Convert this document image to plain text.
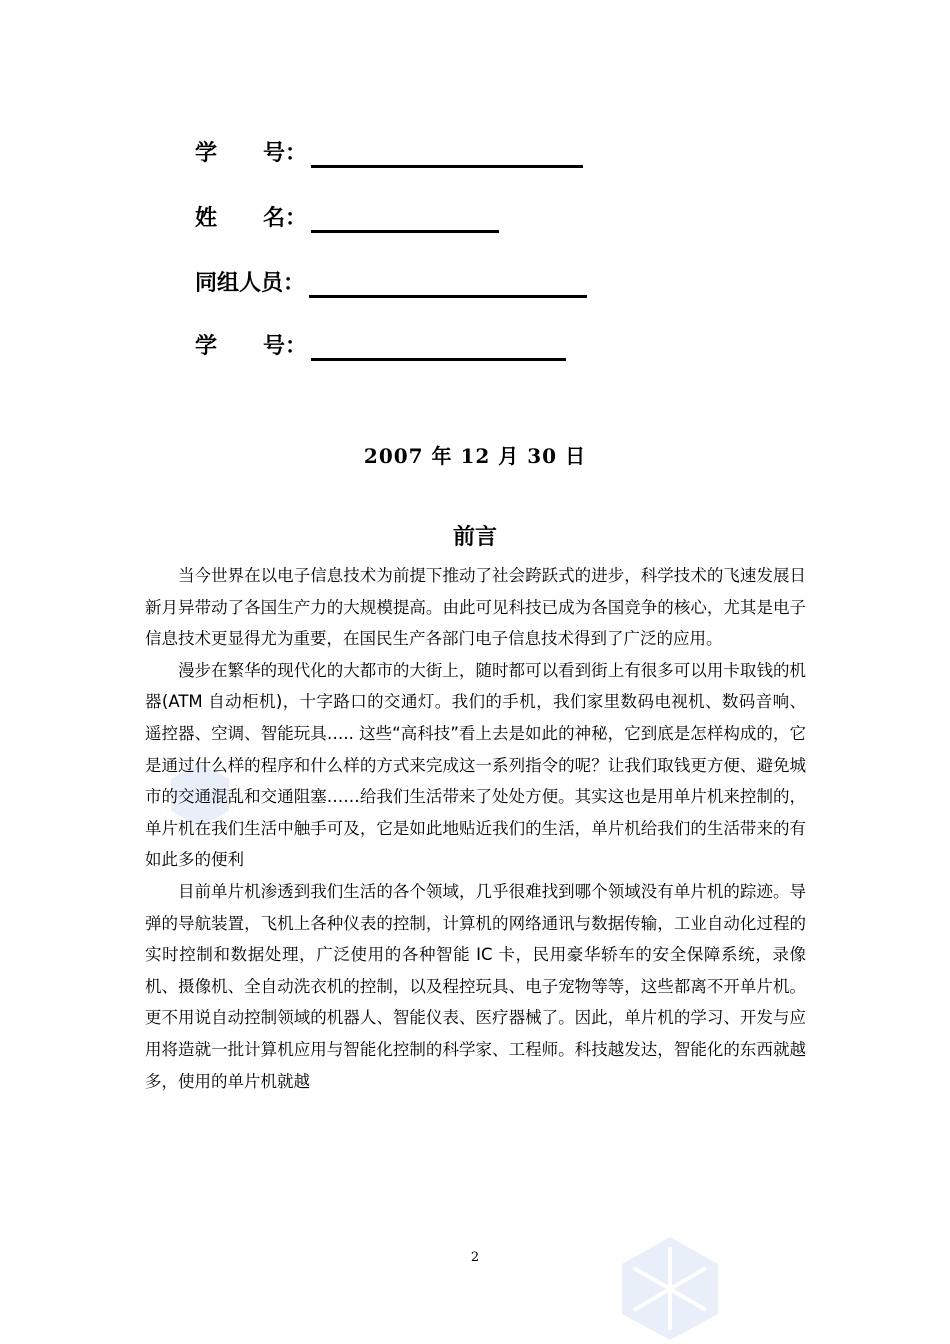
学      号：
姓      名：
同组人员：
学      号：
2007 年 12 月 30 日
前言

当今世界在以电子信息技术为前提下推动了社会跨跃式的进步，科学技术的飞速发展日新月异带动了各国生产力的大规模提高。由此可见科技已成为各国竞争的核心，尤其是电子信息技术更显得尤为重要，在国民生产各部门电子信息技术得到了广泛的应用。

漫步在繁华的现代化的大都市的大街上，随时都可以看到街上有很多可以用卡取钱的机器(ATM 自动柜机)，十字路口的交通灯。我们的手机，我们家里数码电视机、数码音响、遥控器、空调、智能玩具….. 这些“高科技”看上去是如此的神秘，它到底是怎样构成的，它是通过什么样的程序和什么样的方式来完成这一系列指令的呢？让我们取钱更方便、避免城市的交通混乱和交通阻塞……给我们生活带来了处处方便。其实这也是用单片机来控制的，单片机在我们生活中触手可及，它是如此地贴近我们的生活，单片机给我们的生活带来的有如此多的便利

目前单片机渗透到我们生活的各个领域，几乎很难找到哪个领域没有单片机的踪迹。导弹的导航装置，飞机上各种仪表的控制，计算机的网络通讯与数据传输，工业自动化过程的实时控制和数据处理，广泛使用的各种智能 IC 卡，民用豪华轿车的安全保障系统，录像机、摄像机、全自动洗衣机的控制，以及程控玩具、电子宠物等等，这些都离不开单片机。更不用说自动控制领域的机器人、智能仪表、医疗器械了。因此，单片机的学习、开发与应用将造就一批计算机应用与智能化控制的科学家、工程师。科技越发达，智能化的东西就越多，使用的单片机就越

2
